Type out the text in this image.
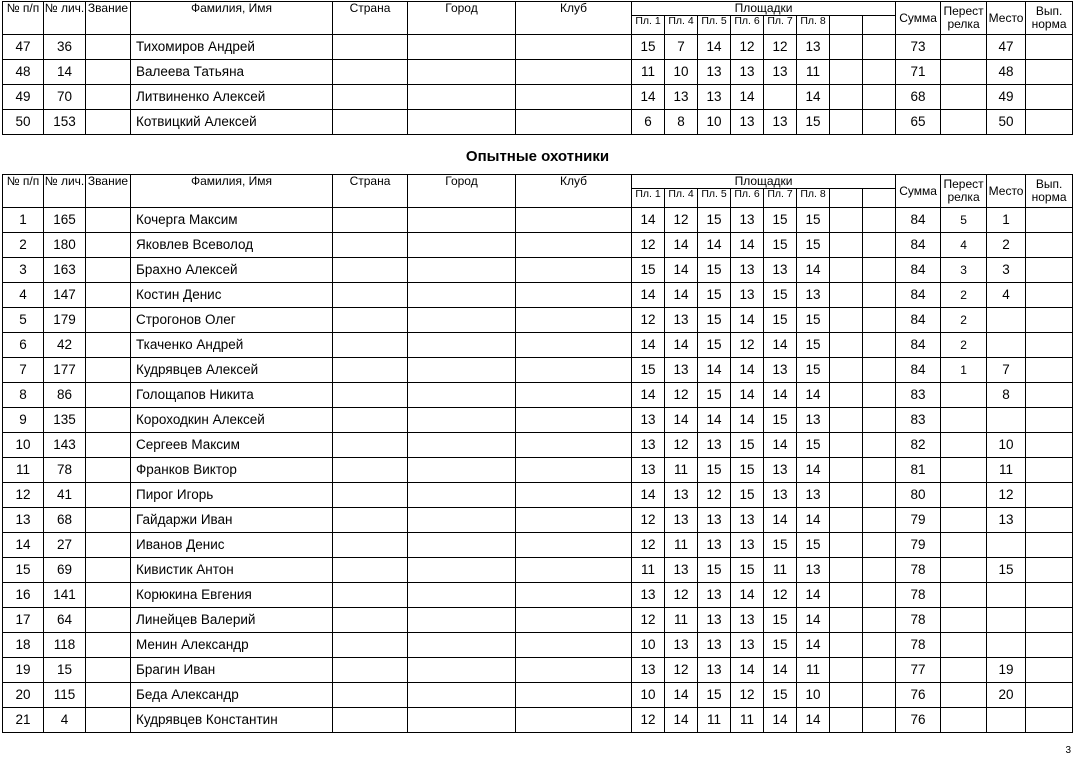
№ п/п	№ лич.	Звание	Фамилия, Имя	Страна	Город	Клуб	Площадки								Сумма	Перест релка	Место	Вып. норма
							Пл. 1	Пл. 4	Пл. 5	Пл. 6	Пл. 7	Пл. 8						
47	36		Тихомиров Андрей				15	7	14	12	12	13			73		47	
48	14		Валеева Татьяна				11	10	13	13	13	11			71		48	
49	70		Литвиненко Алексей				14	13	13	14		14			68		49	
50	153		Котвицкий Алексей				6	8	10	13	13	15			65		50	
Опытные охотники
№ п/п	№ лич.	Звание	Фамилия, Имя	Страна	Город	Клуб	Площадки								Сумма	Перест релка	Место	Вып. норма
							Пл. 1	Пл. 4	Пл. 5	Пл. 6	Пл. 7	Пл. 8						
1	165		Кочерга Максим				14	12	15	13	15	15			84	5	1	
2	180		Яковлев Всеволод				12	14	14	14	15	15			84	4	2	
3	163		Брахно Алексей				15	14	15	13	13	14			84	3	3	
4	147		Костин Денис				14	14	15	13	15	13			84	2	4	
5	179		Строгонов Олег				12	13	15	14	15	15			84	2		
6	42		Ткаченко Андрей				14	14	15	12	14	15			84	2		
7	177		Кудрявцев Алексей				15	13	14	14	13	15			84	1	7	
8	86		Голощапов Никита				14	12	15	14	14	14			83		8	
9	135		Короходкин Алексей				13	14	14	14	15	13			83			
10	143		Сергеев Максим				13	12	13	15	14	15			82		10	
11	78		Франков Виктор				13	11	15	15	13	14			81		11	
12	41		Пирог Игорь				14	13	12	15	13	13			80		12	
13	68		Гайдаржи Иван				12	13	13	13	14	14			79		13	
14	27		Иванов Денис				12	11	13	13	15	15			79			
15	69		Кивистик Антон				11	13	15	15	11	13			78		15	
16	141		Корюкина Евгения				13	12	13	14	12	14			78			
17	64		Линейцев Валерий				12	11	13	13	15	14			78			
18	118		Менин Александр				10	13	13	13	15	14			78			
19	15		Брагин Иван				13	12	13	14	14	11			77		19	
20	115		Беда Александр				10	14	15	12	15	10			76		20	
21	4		Кудрявцев Константин				12	14	11	11	14	14			76			
3
